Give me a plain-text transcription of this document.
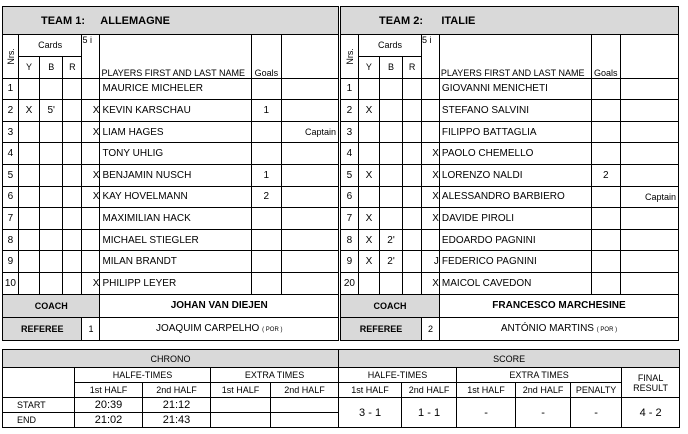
TEAM 1: ALLEMAGNE							
Nrs.	Cards			5 i	PLAYERS FIRST AND LAST NAME	Goals	
	Y	B	R				
1					MAURICE MICHELER		
2	X	5'		X	KEVIN KARSCHAU	1	
3				X	LIAM HAGES		Captain
4					TONY UHLIG		
5				X	BENJAMIN NUSCH	1	
6				X	KAY HOVELMANN	2	
7					MAXIMILIAN HACK		
8					MICHAEL STIEGLER		
9					MILAN BRANDT		
10				X	PHILIPP LEYER		
COACH					JOHAN VAN DIEJEN		
REFEREE				1	JOAQUIM CARPELHO ( POR )		
TEAM 2: ITALIE							
Nrs.	Cards			5 i	PLAYERS FIRST AND LAST NAME	Goals	
	Y	B	R				
1					GIOVANNI MENICHETI		
2	X				STEFANO SALVINI		
3					FILIPPO BATTAGLIA		
4				X	PAOLO CHEMELLO		
5	X			X	LORENZO NALDI	2	
6				X	ALESSANDRO BARBIERO		Captain
7	X			X	DAVIDE PIROLI		
8	X	2'			EDOARDO PAGNINI		
9	X	2'		J	FEDERICO PAGNINI		
20				X	MAICOL CAVEDON		
COACH					FRANCESCO MARCHESINE		
REFEREE				2	ANTÓNIO MARTINS ( POR )		
CHRONO					SCORE					
	HALFE-TIMES		EXTRA TIMES		HALFE-TIMES		EXTRA TIMES			FINAL
RESULT
	1st HALF	2nd HALF	1st HALF	2nd HALF	1st HALF	2nd HALF	1st HALF	2nd HALF	PENALTY	
START	20:39	21:12			3 - 1	1 - 1	-	-	-	4 - 2
END	21:02	21:43								
